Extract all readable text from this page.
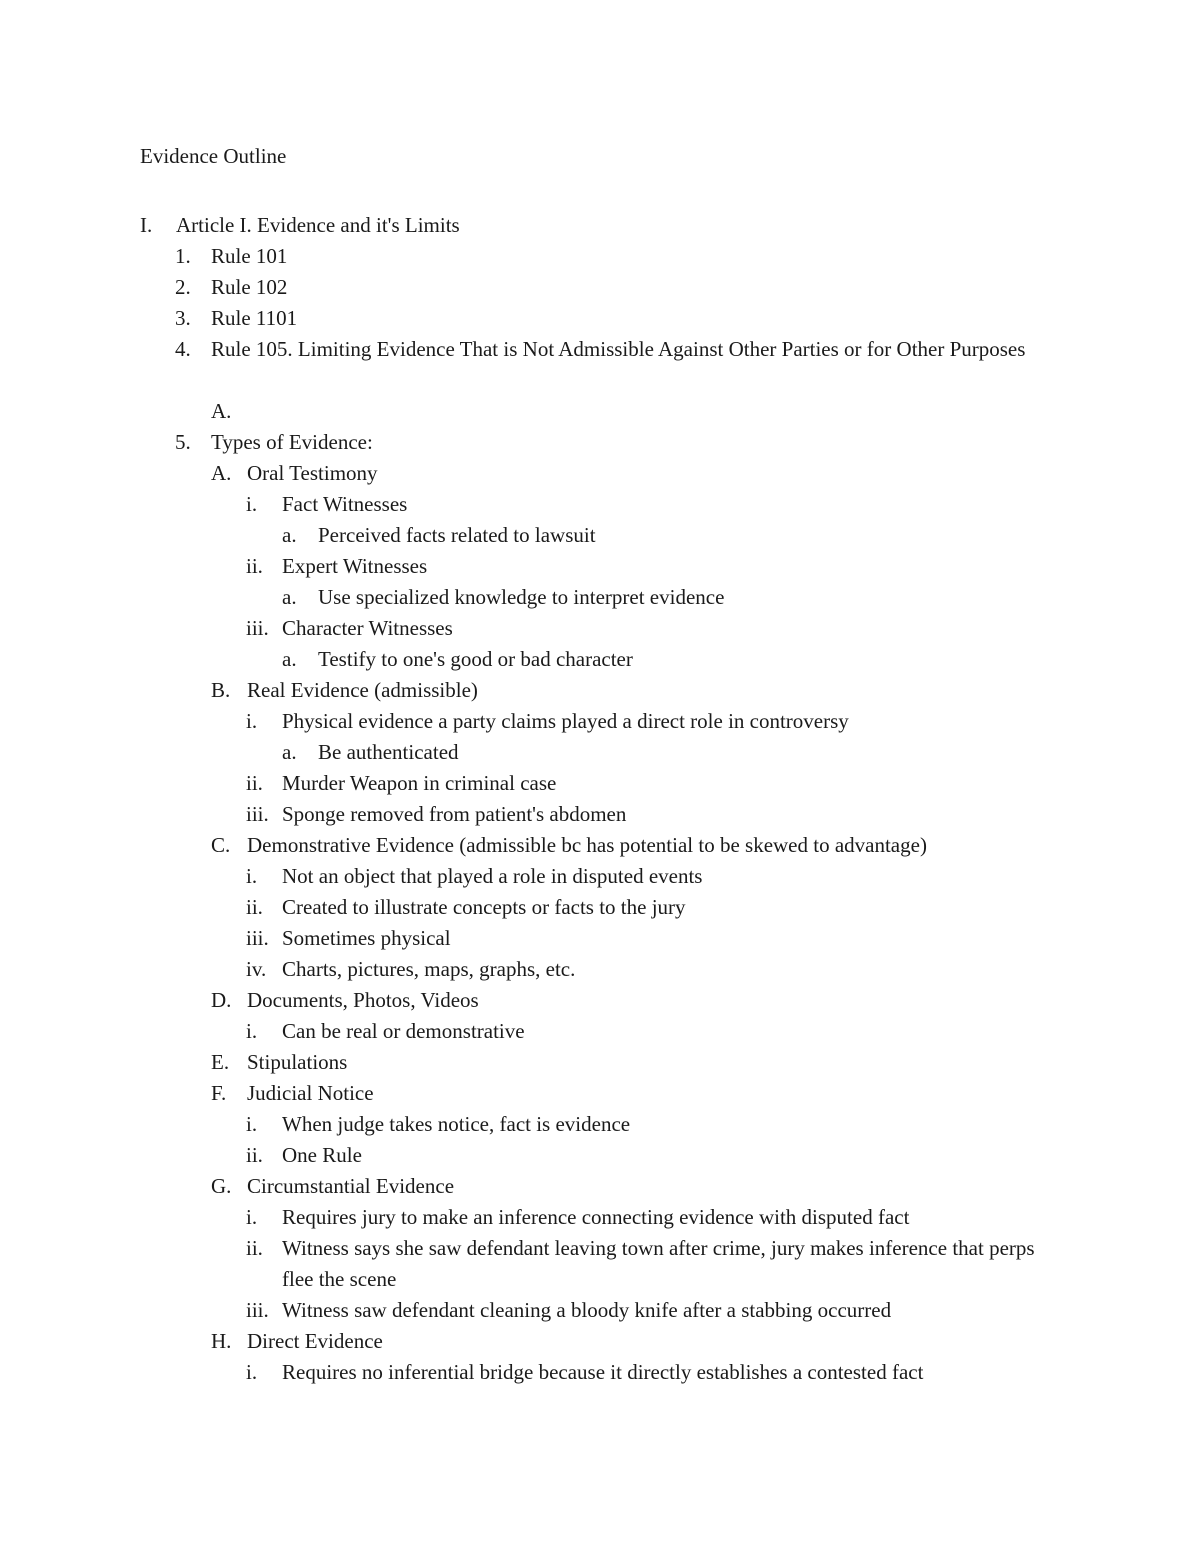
Evidence Outline
I. Article I. Evidence and it's Limits
1. Rule 101
2. Rule 102
3. Rule 1101
4. Rule 105. Limiting Evidence That is Not Admissible Against Other Parties or for Other Purposes
A.
5. Types of Evidence:
A. Oral Testimony
i. Fact Witnesses
a. Perceived facts related to lawsuit
ii. Expert Witnesses
a. Use specialized knowledge to interpret evidence
iii. Character Witnesses
a. Testify to one's good or bad character
B. Real Evidence (admissible)
i. Physical evidence a party claims played a direct role in controversy
a. Be authenticated
ii. Murder Weapon in criminal case
iii. Sponge removed from patient's abdomen
C. Demonstrative Evidence (admissible bc has potential to be skewed to advantage)
i. Not an object that played a role in disputed events
ii. Created to illustrate concepts or facts to the jury
iii. Sometimes physical
iv. Charts, pictures, maps, graphs, etc.
D. Documents, Photos, Videos
i. Can be real or demonstrative
E. Stipulations
F. Judicial Notice
i. When judge takes notice, fact is evidence
ii. One Rule
G. Circumstantial Evidence
i. Requires jury to make an inference connecting evidence with disputed fact
ii. Witness says she saw defendant leaving town after crime, jury makes inference that perps flee the scene
iii. Witness saw defendant cleaning a bloody knife after a stabbing occurred
H. Direct Evidence
i. Requires no inferential bridge because it directly establishes a contested fact
